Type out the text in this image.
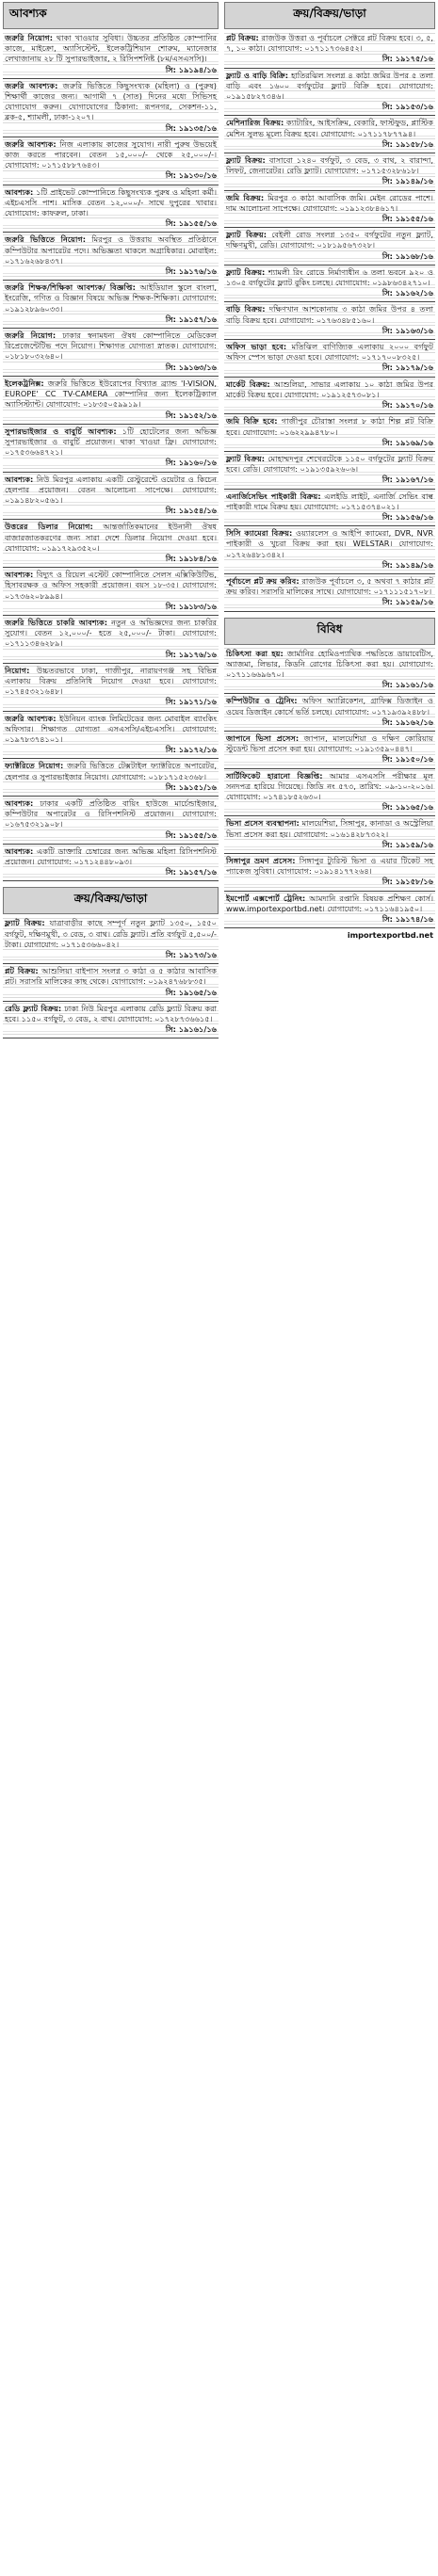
আবশ্যক
জরুরি নিয়োগ: থাকা খাওয়ার সুবিধা। উচ্চতর প্রতিষ্ঠিত কোম্পানির কাজে, মাইক্রো, অ্যাসিস্টেন্ট, ইলেকট্রিশিয়ান শোরুম, ম্যানেজার লেখাজানায় ২৮ টি সুপারভাইজার, ২ রিসিপশনিষ্ট (৮ম/এসএসসি)।
সি: ১৯১৯৪/১৬
জরুরি আবশ্যক: জরুরি ভিত্তিতে কিছুসংখ্যক (মহিলা) ও (পুরুষ) শিক্ষার্থী কাজের জন্য। আগামী ৭ (সাত) দিনের মধ্যে সিভিসহ যোগাযোগ করুন। যোগাযোগের ঠিকানা: রূপনগর, সেকশন-১১, ব্লক-৫, শ্যামলী, ঢাকা-১২০৭।
সি: ১৯১৩৫/১৬
জরুরি আবশ্যক: নিজ এলাকায় কাজের সুযোগ। নারী পুরুষ উভয়েই কাজ করতে পারবেন। বেতন ১৫,০০০/- থেকে ২৫,০০০/-। যোগাযোগ: ০১৭১৫৮৮৭৬৪৩।
সি: ১৯১৩০/১৬
আবশ্যক: ১টি প্রাইভেট কোম্পানিতে কিছুসংখ্যক পুরুষ ও মহিলা কর্মী। এইচএসসি পাশ। মাসিক বেতন ১২,০০০/- সাথে দুপুরের খাবার। যোগাযোগ: কাফরুল, ঢাকা।
সি: ১৯১৫৫/১৬
জরুরি ভিত্তিতে নিয়োগ: মিরপুর ও উত্তরায় অবস্থিত প্রতিষ্ঠানে কম্পিউটার অপারেটর পদে। অভিজ্ঞতা থাকলে অগ্রাধিকার। মোবাইল: ০১৭১৬২৬৮৪৩৭।
সি: ১৯১৭৬/১৬
জরুরি শিক্ষক/শিক্ষিকা আবশ্যক/ বিজ্ঞপ্তি: আইডিয়াল স্কুলে বাংলা, ইংরেজি, গণিত ও বিজ্ঞান বিষয়ে অভিজ্ঞ শিক্ষক-শিক্ষিকা। যোগাযোগ: ০১৯১২৮৯৬০৩৩।
সি: ১৯১৫৭/১৬
জরুরি নিয়োগ: ঢাকার স্বনামধন্য ঔষধ কোম্পানিতে মেডিকেল রিপ্রেজেন্টেটিভ পদে নিয়োগ। শিক্ষাগত যোগ্যতা স্নাতক। যোগাযোগ: ০১৮১৮০৩২৬৪০।
সি: ১৯১৬৩/১৬
ইলেকট্রনিক্স: জরুরি ভিত্তিতে ইউরোপের বিখ্যাত ব্র্যান্ড 'I-VISION, EUROPE' CC TV-CAMERA কোম্পানির জন্য ইলেকট্রিক্যাল অ্যাসিস্ট্যান্ট। যোগাযোগ: ০১৮৩৫০৫৯৯১৯।
সি: ১৯১৫২/১৬
সুপারভাইজার ও বাবুর্চি আবশ্যক: ১টি হোটেলের জন্য অভিজ্ঞ সুপারভাইজার ও বাবুর্চি প্রয়োজন। থাকা খাওয়া ফ্রি। যোগাযোগ: ০১৭৫৩৬৬৪৭২১।
সি: ১৯১৬০/১৬
আবশ্যক: নিউ মিরপুর এলাকায় একটি রেস্টুরেন্টে ওয়েটার ও কিচেন হেলপার প্রয়োজন। বেতন আলোচনা সাপেক্ষে। যোগাযোগ: ০১৯১৪৮২০৫৬১।
সি: ১৯১৫৪/১৬
উত্তরের ডিলার নিয়োগ: আন্তর্জাতিকমানের ইউনানী ঔষধ বাজারজাতকরণের জন্য সারা দেশে ডিলার নিয়োগ দেওয়া হবে। যোগাযোগ: ০১৯১৭২৯৩৫২০।
সি: ১৯১৮৪/১৬
আবশ্যক: বিদ্যুৎ ও রিয়েল এস্টেট কোম্পানিতে সেলস এক্সিকিউটিভ, হিসাবরক্ষক ও অফিস সহকারী প্রয়োজন। বয়স ১৮-৩৫। যোগাযোগ: ০১৭৩৬২০৮৯৯৪।
সি: ১৯১৮৩/১৬
জরুরি ভিত্তিতে চাকরি আবশ্যক: নতুন ও অভিজ্ঞদের জন্য চাকরির সুযোগ। বেতন ১২,০০০/- হতে ২৫,০০০/- টাকা। যোগাযোগ: ০১৭১১৩৪৬২৮৯।
সি: ১৯১৭৬/১৬
নিয়োগ: উচ্চতরভাবে ঢাকা, গাজীপুর, নারায়ণগঞ্জ সহ বিভিন্ন এলাকায় বিক্রয় প্রতিনিধি নিয়োগ দেওয়া হবে। যোগাযোগ: ০১৭৪৫৩২১৬৪৮।
সি: ১৯১৭১/১৬
জরুরি আবশ্যক: ইউনিয়ন ব্যাংক লিমিটেডের জন্য মোবাইল ব্যাংকিং অফিসার। শিক্ষাগত যোগ্যতা এসএসসি/এইচএসসি। যোগাযোগ: ০১৯৭৮৩৭৪১০১।
সি: ১৯১৭২/১৬
ফ্যাক্টরিতে নিয়োগ: জরুরি ভিত্তিতে টেক্সটাইল ফ্যাক্টরিতে অপারেটর, হেলপার ও সুপারভাইজার নিয়োগ। যোগাযোগ: ০১৮১৭১৫২৩৬৮।
সি: ১৯১৫১/১৬
আবশ্যক: ঢাকার একটি প্রতিষ্ঠিত বায়িং হাউজে মার্চেন্ডাইজার, কম্পিউটার অপারেটর ও রিসিপশনিস্ট প্রয়োজন। যোগাযোগ: ০১৬৭৫৩২১৯০৮।
সি: ১৯১৫৫/১৬
আবশ্যক: একটি ডাক্তারি চেম্বারের জন্য অভিজ্ঞ মহিলা রিসিপশনিস্ট প্রয়োজন। যোগাযোগ: ০১৭১২৪৪৮০৯৩।
সি: ১৯১৫৭/১৬
ক্রয়/বিক্রয়/ভাড়া
ফ্ল্যাট বিক্রয়: যাত্রাবাড়ীর কাছে সম্পূর্ণ নতুন ফ্ল্যাট ১৩৫০, ১৫৫০ বর্গফুট, দক্ষিণমুখী, ৩ বেড, ৩ বাথ। রেডি ফ্ল্যাট। প্রতি বর্গফুট ৫,৫০০/- টাকা। যোগাযোগ: ০১৭১৫৩৬৬০৪২।
সি: ১৯১৭৩/১৬
প্লট বিক্রয়: আশুলিয়া বাইপাস সংলগ্ন ৩ কাঠা ও ৫ কাঠার আবাসিক প্লট। সরাসরি মালিকের কাছ থেকে। যোগাযোগ: ০১৯২৪৭৬৮৮৩৫।
সি: ১৯১৬৫/১৬
রেডি ফ্ল্যাট বিক্রয়: ঢাকা নিউ মিরপুর এলাকায় রেডি ফ্ল্যাট বিক্রয় করা হবে। ১১৫০ বর্গফুট, ৩ বেড, ২ বাথ। যোগাযোগ: ০১৭২৮৭৩৬৬১৫।
সি: ১৯১৬১/১৬
ক্রয়/বিক্রয়/ভাড়া
প্লট বিক্রয়: রাজউক উত্তরা ও পূর্বাচলে সেক্টরে প্লট বিক্রয় হবে। ৩, ৫, ৭, ১০ কাঠা। যোগাযোগ: ০১৭১১৭৩৬৪৫২।
সি: ১৯১৭৫/১৬
ফ্ল্যাট ও বাড়ি বিক্রি: হাতিরঝিল সংলগ্ন ৪ কাঠা জমির উপর ৫ তলা বাড়ি এবং ১৬০০ বর্গফুটের ফ্ল্যাট বিক্রি হবে। যোগাযোগ: ০১৯১৫৮২৭৩৪৬।
সি: ১৯১৫৩/১৬
মেশিনারিজ বিক্রয়: ক্যাটারিং, আইসক্রিম, বেকারি, ফাস্টফুড, প্লাস্টিক মেশিন সুলভ মূল্যে বিক্রয় হবে। যোগাযোগ: ০১৭১১৭৮৭৭৯৪।
সি: ১৯১৫৮/১৬
ফ্ল্যাট বিক্রয়: বাসাবো ১২৪০ বর্গফুট, ৩ বেড, ৩ বাথ, ২ বারান্দা, লিফট, জেনারেটর। রেডি ফ্ল্যাট। যোগাযোগ: ০১৭১৫৩২৮৬১৮।
সি: ১৯১৪৯/১৬
জমি বিক্রয়: মিরপুর ৩ কাঠা আবাসিক জমি। মেইন রোডের পাশে। দাম আলোচনা সাপেক্ষে। যোগাযোগ: ০১৯১২৩৮৪৬১৭।
সি: ১৯১৫৫/১৬
ফ্ল্যাট বিক্রয়: বেইলী রোড সংলগ্ন ১৩৫০ বর্গফুটের নতুন ফ্ল্যাট, দক্ষিণমুখী, রেডি। যোগাযোগ: ০১৮১৯৫৬৭৩২৮।
সি: ১৯১৬৮/১৬
ফ্ল্যাট বিক্রয়: শ্যামলী রিং রোডে নির্মাণাধীন ৬ তলা ভবনে ৯২০ ও ১৩০৫ বর্গফুটের ফ্ল্যাট বুকিং চলছে। যোগাযোগ: ০১৯৮৬৩৪২৭১০।
সি: ১৯১৬২/১৬
বাড়ি বিক্রয়: দক্ষিণখান আশকোনায় ৩ কাঠা জমির উপর ৪ তলা বাড়ি বিক্রয় হবে। যোগাযোগ: ০১৭৬৩৪৮৫১৬০।
সি: ১৯১৬৩/১৬
অফিস ভাড়া হবে: মতিঝিল বাণিজ্যিক এলাকায় ২০০০ বর্গফুট অফিস স্পেস ভাড়া দেওয়া হবে। যোগাযোগ: ০১৭১৭০০৮৩২৫।
সি: ১৯১৭৯/১৬
মার্কেট বিক্রয়: আশুলিয়া, সাভার এলাকায় ১০ কাঠা জমির উপর মার্কেট বিক্রয় হবে। যোগাযোগ: ০১৯১২৫৭৩০৮১।
সি: ১৯১৭০/১৬
জমি বিক্রি হবে: গাজীপুর চৌরাস্তা সংলগ্ন ৮ কাঠা শিল্প প্লট বিক্রি হবে। যোগাযোগ: ০১৬২২৯৯৪৭৮০।
সি: ১৯১৬৯/১৬
ফ্ল্যাট বিক্রয়: মোহাম্মদপুর শেখেরটেকে ১১৫০ বর্গফুটের ফ্ল্যাট বিক্রয় হবে। রেডি। যোগাযোগ: ০১৯১৩৫৯২৬০৬।
সি: ১৯১৬৭/১৬
এনার্জিসেভিং পাইকারী বিক্রয়: এলইডি লাইট, এনার্জি সেভিং বাল্ব পাইকারী দামে বিক্রয় হয়। যোগাযোগ: ০১৭১৫৩৭৪০২১।
সি: ১৯১৫৬/১৬
সিসি ক্যামেরা বিক্রয়: ওয়্যারলেস ও আইপি ক্যামেরা, DVR, NVR পাইকারী ও খুচরা বিক্রয় করা হয়। WELSTAR। যোগাযোগ: ০১৭২৬৪৮১৩৪২।
সি: ১৯১৪৯/১৬
পূর্বাচলে প্লট ক্রয় করিব: রাজউক পূর্বাচলে ৩, ৫ অথবা ৭ কাঠার প্লট ক্রয় করিব। সরাসরি মালিকের সাথে। যোগাযোগ: ০১৭১১১৫১৭০৮।
সি: ১৯১৫৯/১৬
বিবিধ
চিকিৎসা করা হয়: জার্মানির হোমিওপ্যাথিক পদ্ধতিতে ডায়াবেটিস, অ্যাজমা, লিভার, কিডনি রোগের চিকিৎসা করা হয়। যোগাযোগ: ০১৭১১৬৬৯৬৭০।
সি: ১৯১৬১/১৬
কম্পিউটার ও ট্রেনিং: অফিস অ্যাপ্লিকেশন, গ্রাফিক্স ডিজাইন ও ওয়েব ডিজাইন কোর্সে ভর্তি চলছে। যোগাযোগ: ০১৭১৯৩৯২৪৮৮।
সি: ১৯১৬২/১৬
জাপানে ভিসা প্রসেস: জাপান, মালয়েশিয়া ও দক্ষিণ কোরিয়ায় স্টুডেন্ট ভিসা প্রসেস করা হয়। যোগাযোগ: ০১৯১৩৫৯০৪৪৭।
সি: ১৯১৫০/১৬
সার্টিফিকেট হারানো বিজ্ঞপ্তি: আমার এসএসসি পরীক্ষার মূল সনদপত্র হারিয়ে গিয়েছে। জিডি নং ৫৭৩, তারিখ: ০৯-১০-২০১৬। যোগাযোগ: ০১৭৪১৮৫২৬৩০।
সি: ১৯১৬৫/১৬
ভিসা প্রসেস ব্যবস্থাপনা: মালয়েশিয়া, সিঙ্গাপুর, কানাডা ও অস্ট্রেলিয়া ভিসা প্রসেস করা হয়। যোগাযোগ: ০১৬১৪২৮৭৩২২।
সি: ১৯১৫৯/১৬
সিঙ্গাপুর ভ্রমণ প্রসেস: সিঙ্গাপুর ট্যুরিস্ট ভিসা ও এয়ার টিকেট সহ প্যাকেজ সুবিধা। যোগাযোগ: ০১৯১৪১৭৭২৬৪।
সি: ১৯১৫৮/১৬
ইমপোর্ট এক্সপোর্ট ট্রেনিং: আমদানি রপ্তানি বিষয়ক প্রশিক্ষণ কোর্স। www.importexportbd.net। যোগাযোগ: ০১৭১১৬৪১৯৫০।
সি: ১৯১৭৪/১৬
importexportbd.net
